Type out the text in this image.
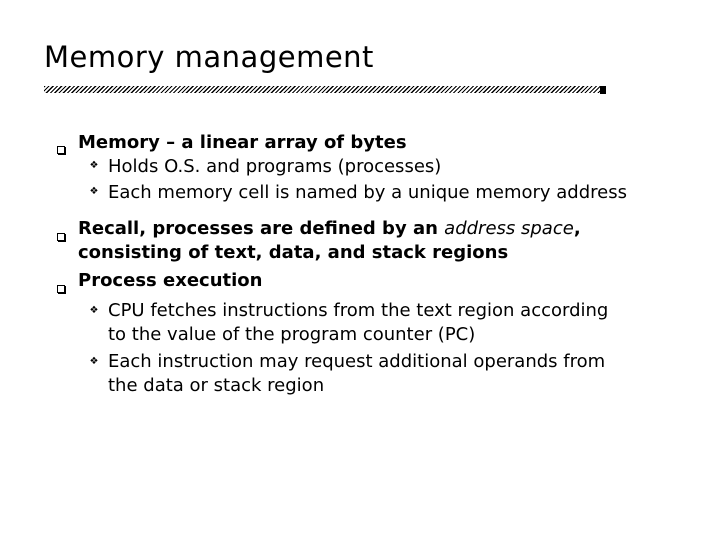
Memory management
Memory – a linear array of bytes
❖ Holds O.S. and programs (processes)
❖ Each memory cell is named by a unique memory address
Recall, processes are defined by an address space,
consisting of text, data, and stack regions
Process execution
❖ CPU fetches instructions from the text region according
to the value of the program counter (PC)
❖ Each instruction may request additional operands from
the data or stack region
